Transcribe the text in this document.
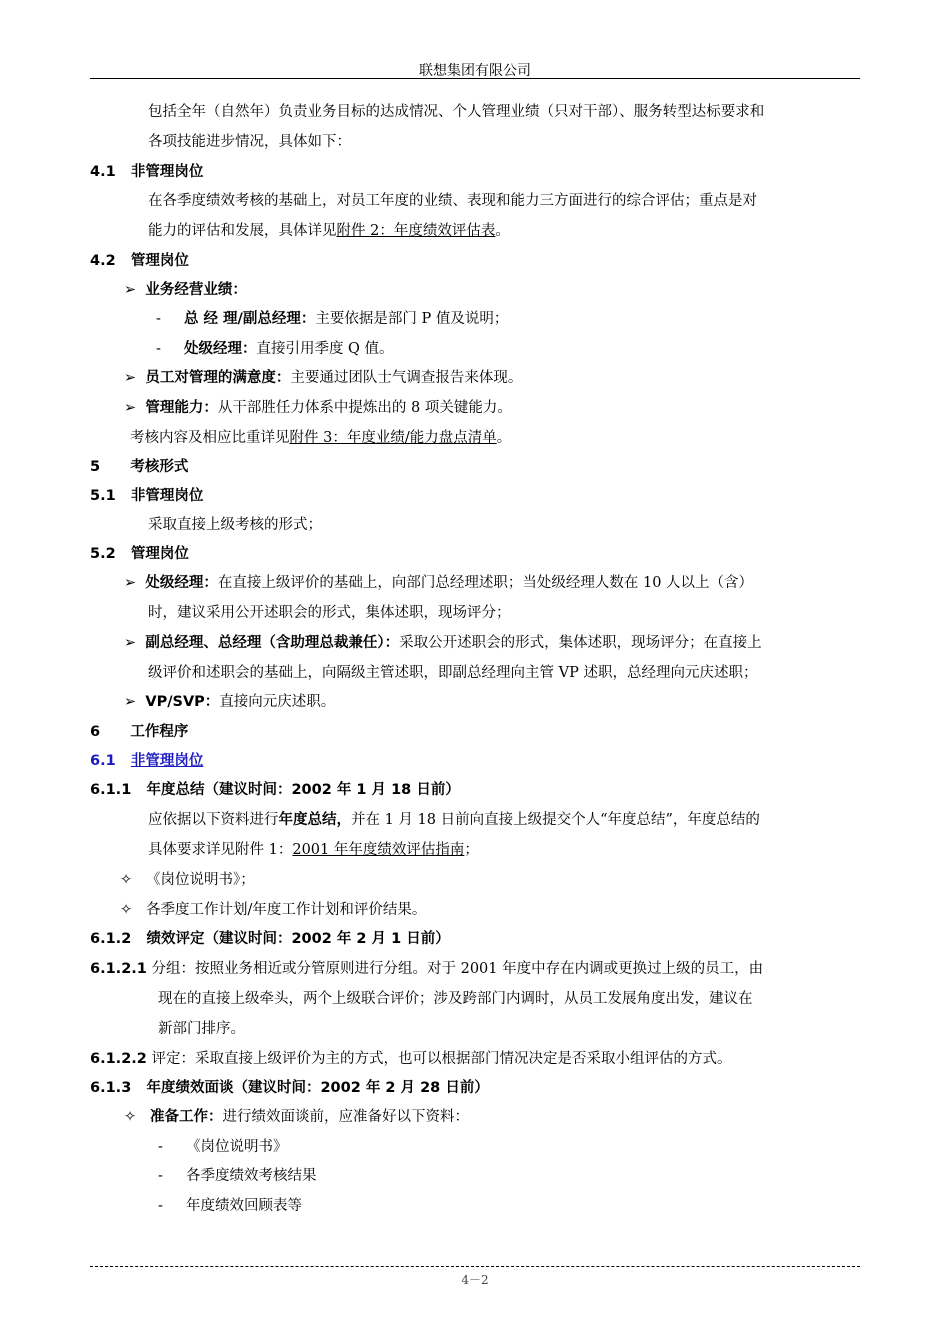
联想集团有限公司
包括全年（自然年）负责业务目标的达成情况、个人管理业绩（只对干部）、服务转型达标要求和
各项技能进步情况，具体如下：
4.1 非管理岗位
在各季度绩效考核的基础上，对员工年度的业绩、表现和能力三方面进行的综合评估；重点是对
能力的评估和发展，具体详见附件 2：年度绩效评估表。
4.2 管理岗位
➢ 业务经营业绩：
- 总 经 理/副总经理：主要依据是部门 P 值及说明；
- 处级经理：直接引用季度 Q 值。
➢ 员工对管理的满意度：主要通过团队士气调查报告来体现。
➢ 管理能力：从干部胜任力体系中提炼出的 8 项关键能力。
考核内容及相应比重详见附件 3：年度业绩/能力盘点清单。
5 考核形式
5.1 非管理岗位
采取直接上级考核的形式；
5.2 管理岗位
➢ 处级经理：在直接上级评价的基础上，向部门总经理述职；当处级经理人数在 10 人以上（含）
时，建议采用公开述职会的形式，集体述职，现场评分；
➢ 副总经理、总经理（含助理总裁兼任）：采取公开述职会的形式，集体述职，现场评分；在直接上
级评价和述职会的基础上，向隔级主管述职，即副总经理向主管 VP 述职，总经理向元庆述职；
➢ VP/SVP：直接向元庆述职。
6 工作程序
6.1 非管理岗位
6.1.1 年度总结（建议时间：2002 年 1 月 18 日前）
应依据以下资料进行年度总结，并在 1 月 18 日前向直接上级提交个人“年度总结”，年度总结的
具体要求详见附件 1：2001 年年度绩效评估指南；
✧ 《岗位说明书》；
✧ 各季度工作计划/年度工作计划和评价结果。
6.1.2 绩效评定（建议时间：2002 年 2 月 1 日前）
6.1.2.1 分组：按照业务相近或分管原则进行分组。对于 2001 年度中存在内调或更换过上级的员工，由
现在的直接上级牵头，两个上级联合评价；涉及跨部门内调时，从员工发展角度出发，建议在
新部门排序。
6.1.2.2 评定：采取直接上级评价为主的方式，也可以根据部门情况决定是否采取小组评估的方式。
6.1.3 年度绩效面谈（建议时间：2002 年 2 月 28 日前）
✧ 准备工作：进行绩效面谈前，应准备好以下资料：
- 《岗位说明书》
- 各季度绩效考核结果
- 年度绩效回顾表等
4－2
